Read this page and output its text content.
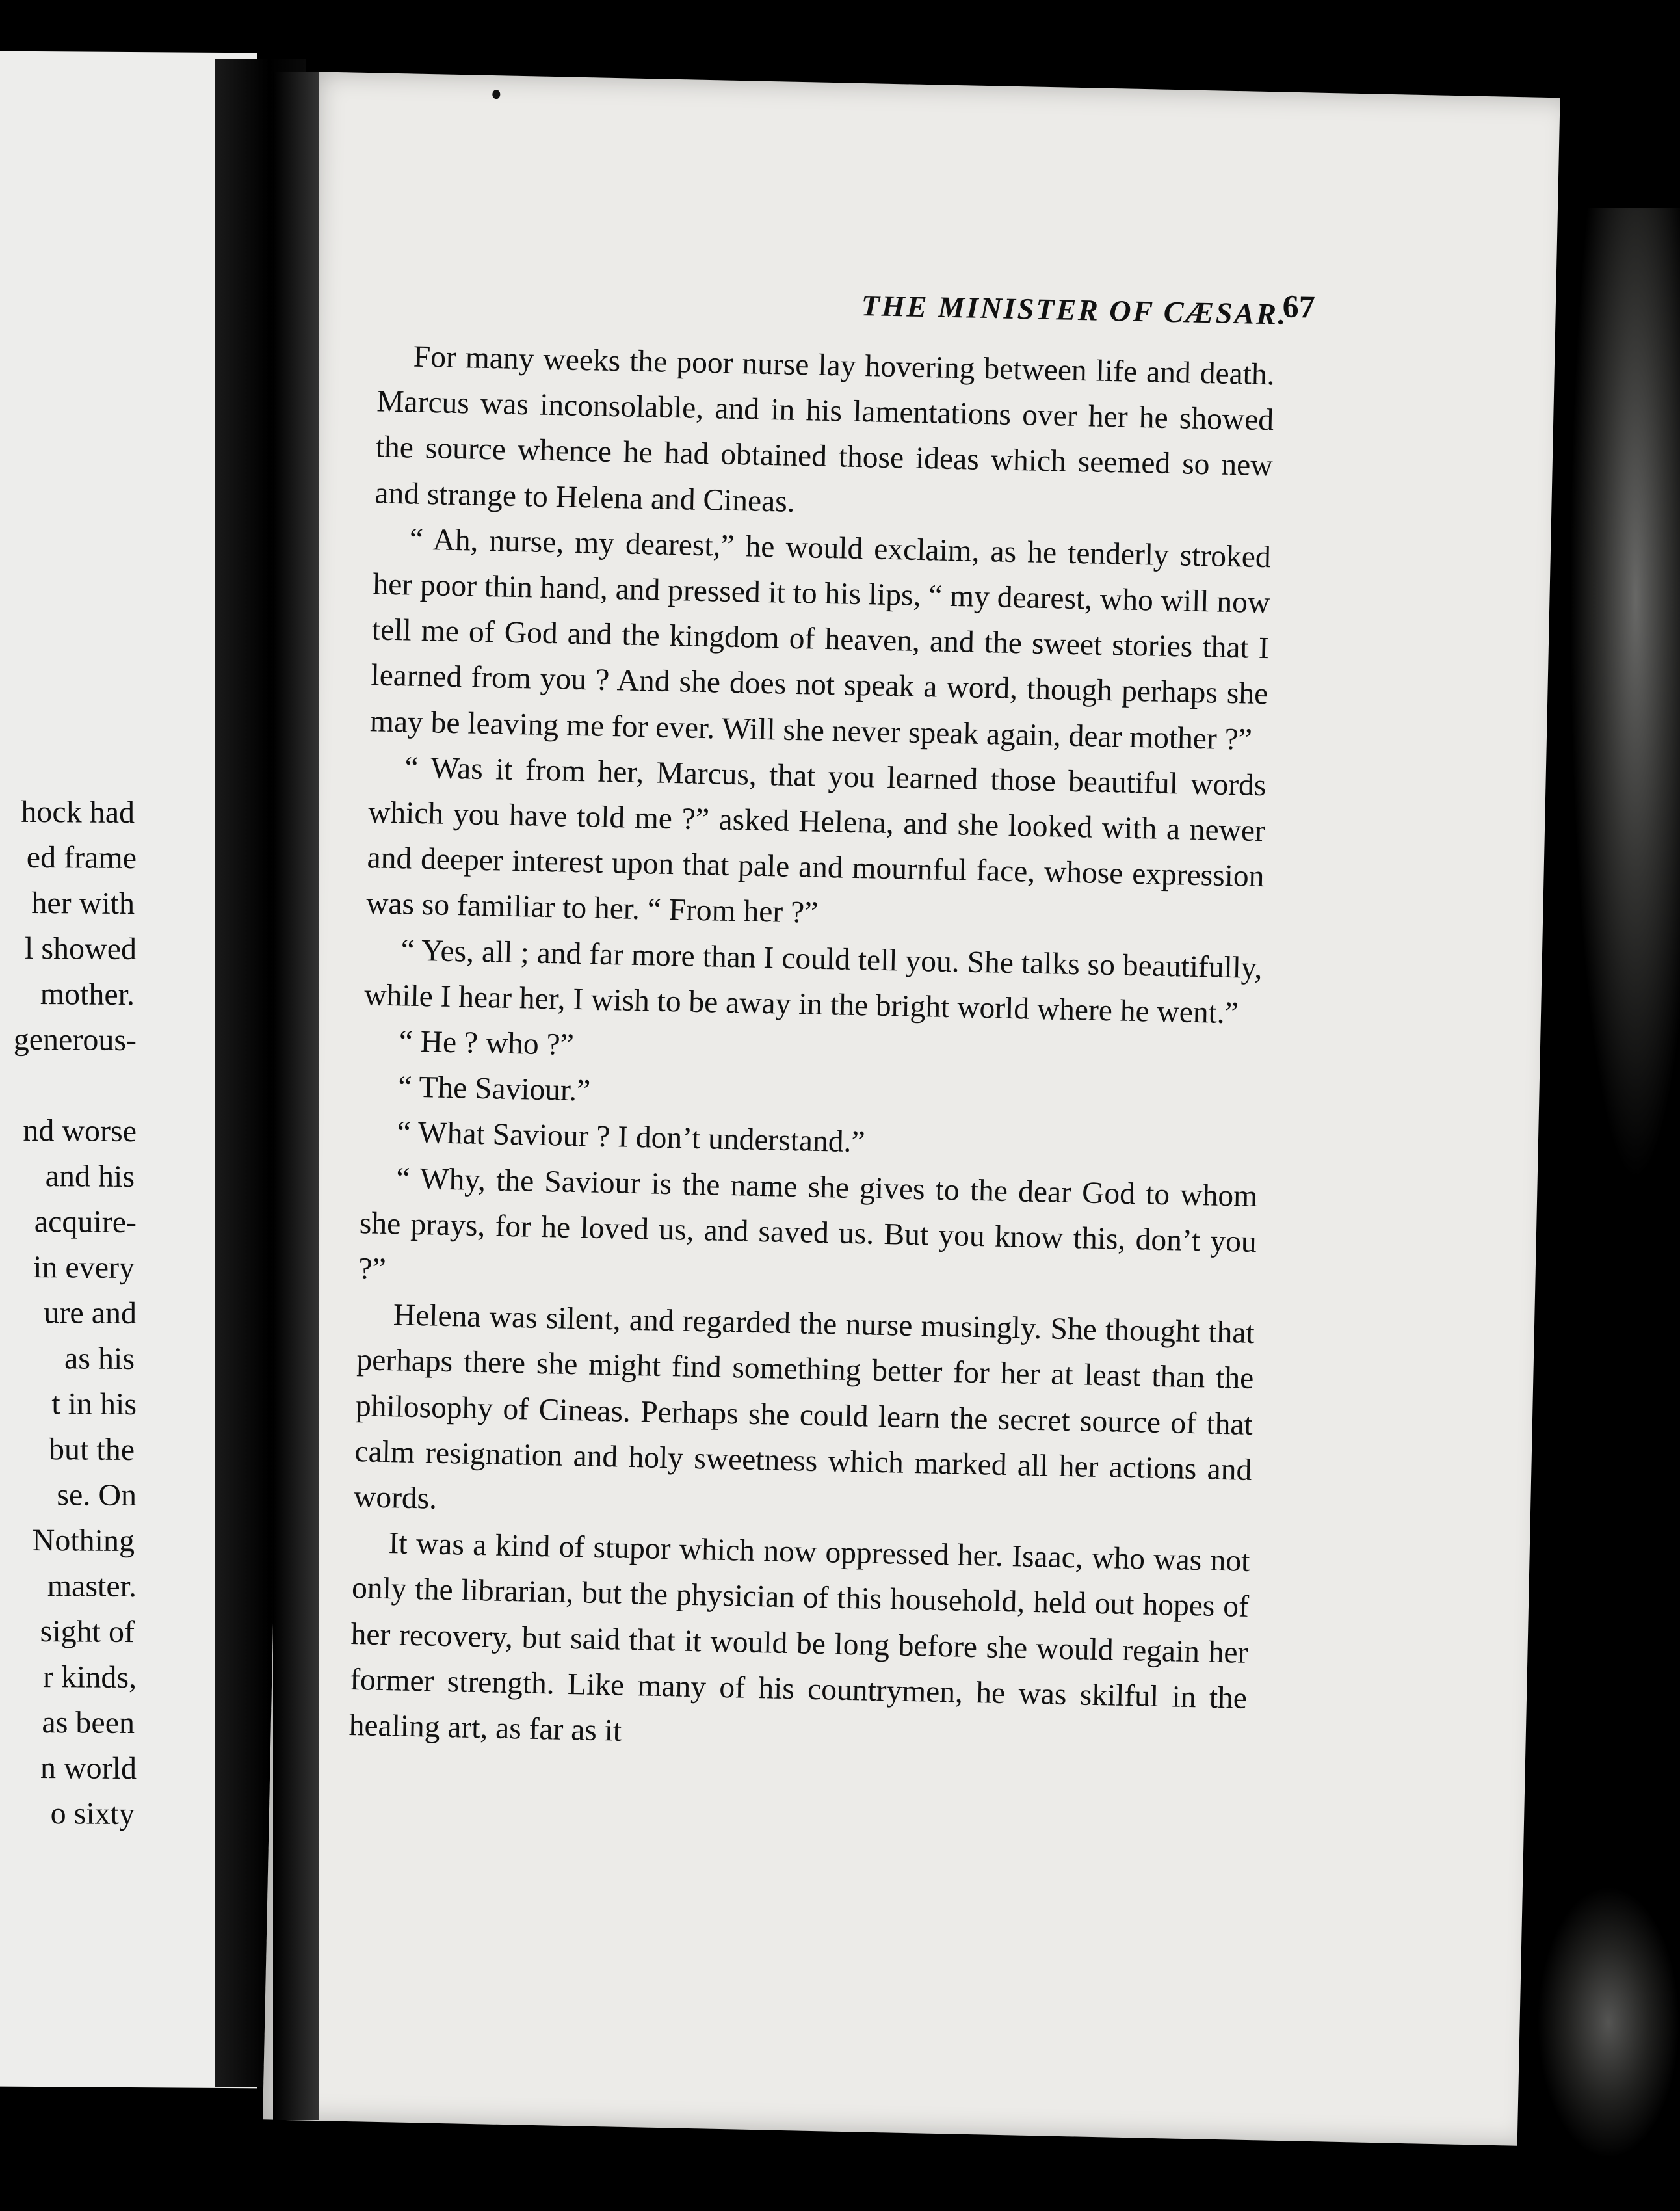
hock had
ed frame
her with
l showed
mother.
generous-

nd worse
and his
acquire-
in every
ure and
as his
t in his
but the
se. On
Nothing
master.
sight of
r kinds,
as been
n world
o sixty
THE MINISTER OF CÆSAR.
67

For many weeks the poor nurse lay hovering between life and death. Marcus was inconsolable, and in his lamentations over her he showed the source whence he had obtained those ideas which seemed so new and strange to Helena and Cineas.

“ Ah, nurse, my dearest,” he would exclaim, as he tenderly stroked her poor thin hand, and pressed it to his lips, “ my dearest, who will now tell me of God and the kingdom of heaven, and the sweet stories that I learned from you ? And she does not speak a word, though perhaps she may be leaving me for ever. Will she never speak again, dear mother ?”

“ Was it from her, Marcus, that you learned those beautiful words which you have told me ?” asked Helena, and she looked with a newer and deeper interest upon that pale and mournful face, whose expression was so familiar to her. “ From her ?”

“ Yes, all ; and far more than I could tell you. She talks so beautifully, while I hear her, I wish to be away in the bright world where he went.”

“ He ? who ?”

“ The Saviour.”

“ What Saviour ? I don’t understand.”

“ Why, the Saviour is the name she gives to the dear God to whom she prays, for he loved us, and saved us. But you know this, don’t you ?”

Helena was silent, and regarded the nurse musingly. She thought that perhaps there she might find something better for her at least than the philosophy of Cineas. Perhaps she could learn the secret source of that calm resignation and holy sweetness which marked all her actions and words.

It was a kind of stupor which now oppressed her. Isaac, who was not only the librarian, but the physician of this household, held out hopes of her recovery, but said that it would be long before she would regain her former strength. Like many of his countrymen, he was skilful in the healing art, as far as it
